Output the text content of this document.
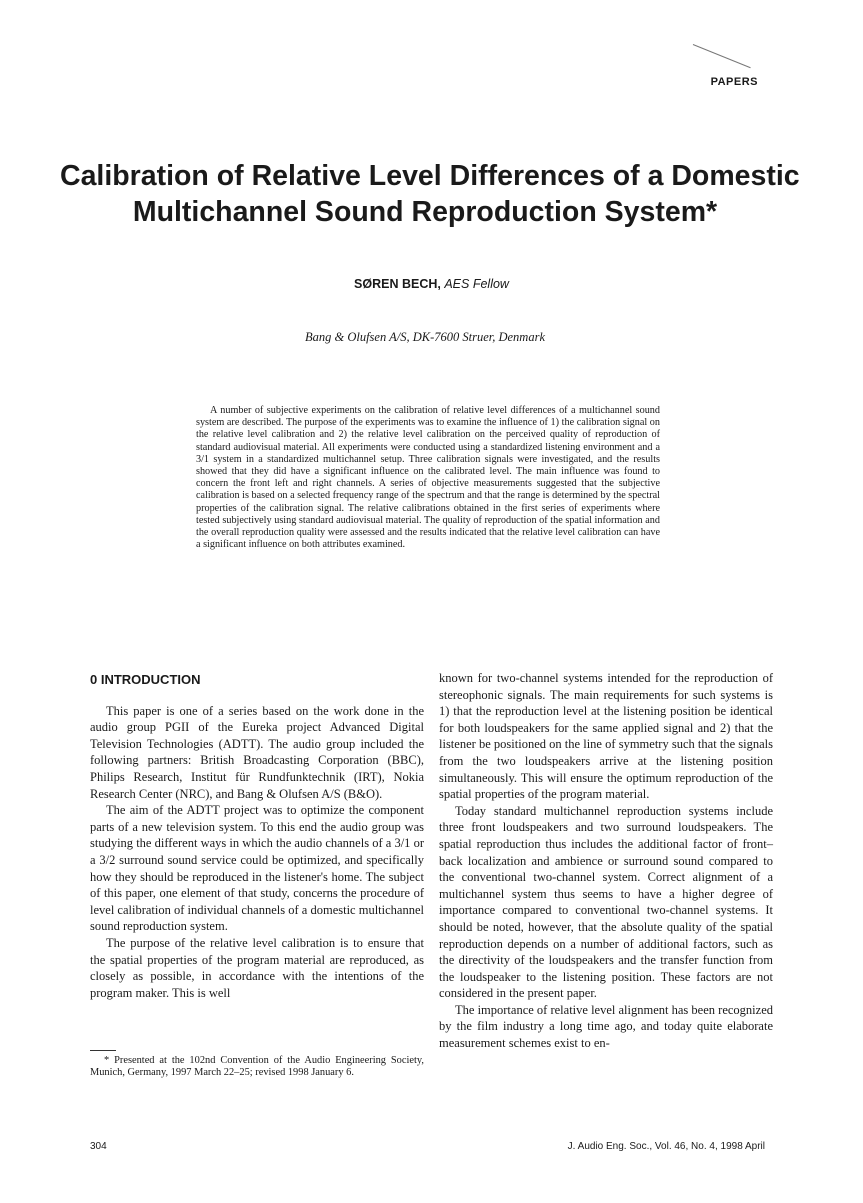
PAPERS
Calibration of Relative Level Differences of a Domestic
Multichannel Sound Reproduction System*
SØREN BECH, AES Fellow
Bang & Olufsen A/S, DK-7600 Struer, Denmark

A number of subjective experiments on the calibration of relative level differences of a multichannel sound system are described. The purpose of the experiments was to examine the influence of 1) the calibration signal on the relative level calibration and 2) the relative level calibration on the perceived quality of reproduction of standard audiovisual material. All experiments were conducted using a standardized listening environment and a 3/1 system in a standardized multichannel setup. Three calibration signals were investigated, and the results showed that they did have a significant influence on the calibrated level. The main influence was found to concern the front left and right channels. A series of objective measurements suggested that the subjective calibration is based on a selected frequency range of the spectrum and that the range is determined by the spectral properties of the calibration signal. The relative calibrations obtained in the first series of experiments where tested subjectively using standard audiovisual material. The quality of reproduction of the spatial information and the overall reproduction quality were assessed and the results indicated that the relative level calibration can have a significant influence on both attributes examined.

0 INTRODUCTION

This paper is one of a series based on the work done in the audio group PGII of the Eureka project Advanced Digital Television Technologies (ADTT). The audio group included the following partners: British Broadcasting Corporation (BBC), Philips Research, Institut für Rundfunktechnik (IRT), Nokia Research Center (NRC), and Bang & Olufsen A/S (B&O).

The aim of the ADTT project was to optimize the component parts of a new television system. To this end the audio group was studying the different ways in which the audio channels of a 3/1 or a 3/2 surround sound service could be optimized, and specifically how they should be reproduced in the listener's home. The subject of this paper, one element of that study, concerns the procedure of level calibration of individual channels of a domestic multichannel sound reproduction system.

The purpose of the relative level calibration is to ensure that the spatial properties of the program material are reproduced, as closely as possible, in accordance with the intentions of the program maker. This is well

known for two-channel systems intended for the reproduction of stereophonic signals. The main requirements for such systems is 1) that the reproduction level at the listening position be identical for both loudspeakers for the same applied signal and 2) that the listener be positioned on the line of symmetry such that the signals from the two loudspeakers arrive at the listening position simultaneously. This will ensure the optimum reproduction of the spatial properties of the program material.

Today standard multichannel reproduction systems include three front loudspeakers and two surround loudspeakers. The spatial reproduction thus includes the additional factor of front–back localization and ambience or surround sound compared to the conventional two-channel system. Correct alignment of a multichannel system thus seems to have a higher degree of importance compared to conventional two-channel systems. It should be noted, however, that the absolute quality of the spatial reproduction depends on a number of additional factors, such as the directivity of the loudspeakers and the transfer function from the loudspeaker to the listening position. These factors are not considered in the present paper.

The importance of relative level alignment has been recognized by the film industry a long time ago, and today quite elaborate measurement schemes exist to en-

* Presented at the 102nd Convention of the Audio Engineering Society, Munich, Germany, 1997 March 22–25; revised 1998 January 6.

304	J. Audio Eng. Soc., Vol. 46, No. 4, 1998 April
